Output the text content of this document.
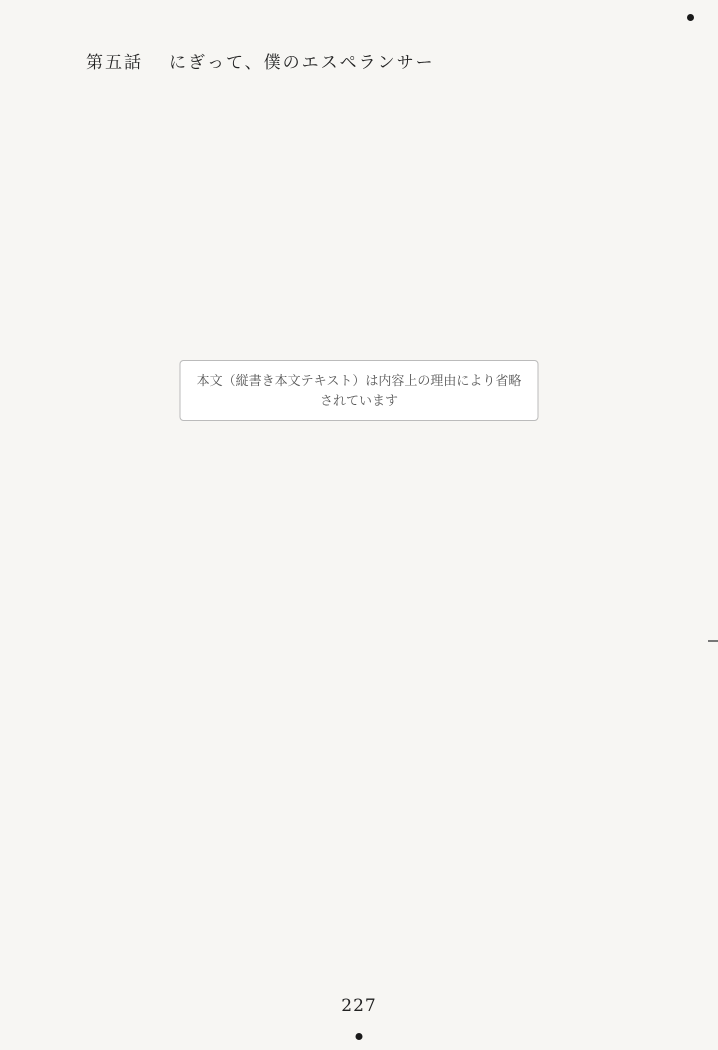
第五話 にぎって、僕のエスペランサー
本文（縦書き本文テキスト）は内容上の理由により省略されています
227
